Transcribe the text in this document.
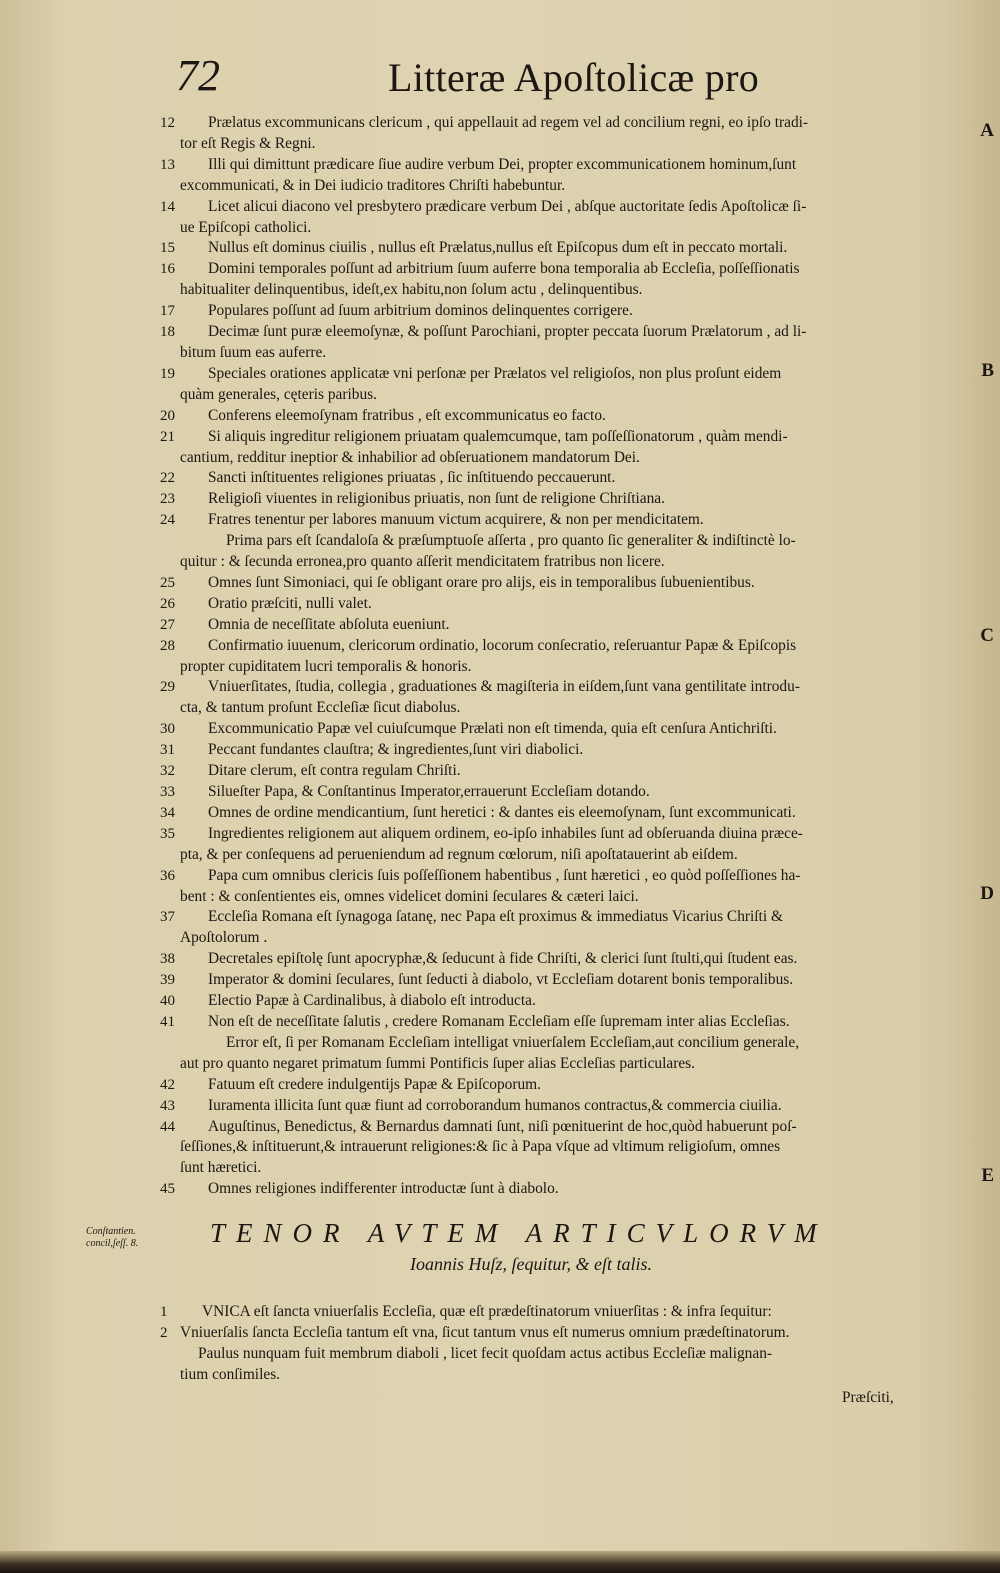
72	Litteræ Apoſtolicæ pro
12	Prælatus excommunicans clericum , qui appellauit ad regem vel ad concilium regni, eo ipſo tradi-
tor eſt Regis & Regni.
13	Illi qui dimittunt prædicare ſiue audire verbum Dei, propter excommunicationem hominum,ſunt
excommunicati, & in Dei iudicio traditores Chriſti habebuntur.
14	Licet alicui diacono vel presbytero prædicare verbum Dei , abſque auctoritate ſedis Apoſtolicæ ſi-
ue Epiſcopi catholici.
15	Nullus eſt dominus ciuilis , nullus eſt Prælatus,nullus eſt Epiſcopus dum eſt in peccato mortali.
16	Domini temporales poſſunt ad arbitrium ſuum auferre bona temporalia ab Eccleſia, poſſeſſionatis
habitualiter delinquentibus, ideſt,ex habitu,non ſolum actu , delinquentibus.
17	Populares poſſunt ad ſuum arbitrium dominos delinquentes corrigere.
18	Decimæ ſunt puræ eleemoſynæ, & poſſunt Parochiani, propter peccata ſuorum Prælatorum , ad li-
bitum ſuum eas auferre.
19	Speciales orationes applicatæ vni perſonæ per Prælatos vel religioſos, non plus proſunt eidem
quàm generales, cęteris paribus.
20	Conferens eleemoſynam fratribus , eſt excommunicatus eo facto.
21	Si aliquis ingreditur religionem priuatam qualemcumque, tam poſſeſſionatorum , quàm mendi-
cantium, redditur ineptior & inhabilior ad obſeruationem mandatorum Dei.
22	Sancti inſtituentes religiones priuatas , ſic inſtituendo peccauerunt.
23	Religioſi viuentes in religionibus priuatis, non ſunt de religione Chriſtiana.
24	Fratres tenentur per labores manuum victum acquirere, & non per mendicitatem.
Prima pars eſt ſcandaloſa & præſumptuoſe aſſerta , pro quanto ſic generaliter & indiſtinctè lo-
quitur : & ſecunda erronea,pro quanto aſſerit mendicitatem fratribus non licere.
25	Omnes ſunt Simoniaci, qui ſe obligant orare pro alijs, eis in temporalibus ſubuenientibus.
26	Oratio præſciti, nulli valet.
27	Omnia de neceſſitate abſoluta eueniunt.
28	Confirmatio iuuenum, clericorum ordinatio, locorum conſecratio, reſeruantur Papæ & Epiſcopis
propter cupiditatem lucri temporalis & honoris.
29	Vniuerſitates, ſtudia, collegia , graduationes & magiſteria in eiſdem,ſunt vana gentilitate introdu-
cta, & tantum proſunt Eccleſiæ ſicut diabolus.
30	Excommunicatio Papæ vel cuiuſcumque Prælati non eſt timenda, quia eſt cenſura Antichriſti.
31	Peccant fundantes clauſtra; & ingredientes,ſunt viri diabolici.
32	Ditare clerum, eſt contra regulam Chriſti.
33	Silueſter Papa, & Conſtantinus Imperator,errauerunt Eccleſiam dotando.
34	Omnes de ordine mendicantium, ſunt heretici : & dantes eis eleemoſynam, ſunt excommunicati.
35	Ingredientes religionem aut aliquem ordinem, eo-ipſo inhabiles ſunt ad obſeruanda diuina præce-
pta, & per conſequens ad perueniendum ad regnum cœlorum, niſi apoſtatauerint ab eiſdem.
36	Papa cum omnibus clericis ſuis poſſeſſionem habentibus , ſunt hæretici , eo quòd poſſeſſiones ha-
bent : & conſentientes eis, omnes videlicet domini ſeculares & cæteri laici.
37	Eccleſia Romana eſt ſynagoga ſatanę, nec Papa eſt proximus & immediatus Vicarius Chriſti &
Apoſtolorum .
38	Decretales epiſtolę ſunt apocryphæ,& ſeducunt à fide Chriſti, & clerici ſunt ſtulti,qui ſtudent eas.
39	Imperator & domini ſeculares, ſunt ſeducti à diabolo, vt Eccleſiam dotarent bonis temporalibus.
40	Electio Papæ à Cardinalibus, à diabolo eſt introducta.
41	Non eſt de neceſſitate ſalutis , credere Romanam Eccleſiam eſſe ſupremam inter alias Eccleſias.
Error eſt, ſi per Romanam Eccleſiam intelligat vniuerſalem Eccleſiam,aut concilium generale,
aut pro quanto negaret primatum ſummi Pontificis ſuper alias Eccleſias particulares.
42	Fatuum eſt credere indulgentijs Papæ & Epiſcoporum.
43	Iuramenta illicita ſunt quæ fiunt ad corroborandum humanos contractus,& commercia ciuilia.
44	Auguſtinus, Benedictus, & Bernardus damnati ſunt, niſi pœnituerint de hoc,quòd habuerunt poſ-
ſeſſiones,& inſtituerunt,& intrauerunt religiones:& ſic à Papa vſque ad vltimum religioſum, omnes
ſunt hæretici.
45	Omnes religiones indifferenter introductæ ſunt à diabolo.
A
B
C
D
E
Conſtantien.
concil,ſeſſ. 8.	TENOR AVTEM ARTICVLORVM
Ioannis Huſz, ſequitur, & eſt talis.
1	VNICA eſt ſancta vniuerſalis Eccleſia, quæ eſt prædeſtinatorum vniuerſitas : & infra ſequitur:
2 Vniuerſalis ſancta Eccleſia tantum eſt vna, ſicut tantum vnus eſt numerus omnium prædeſtinatorum.
Paulus nunquam fuit membrum diaboli , licet fecit quoſdam actus actibus Eccleſiæ malignan-
tium conſimiles.
Præſciti,
